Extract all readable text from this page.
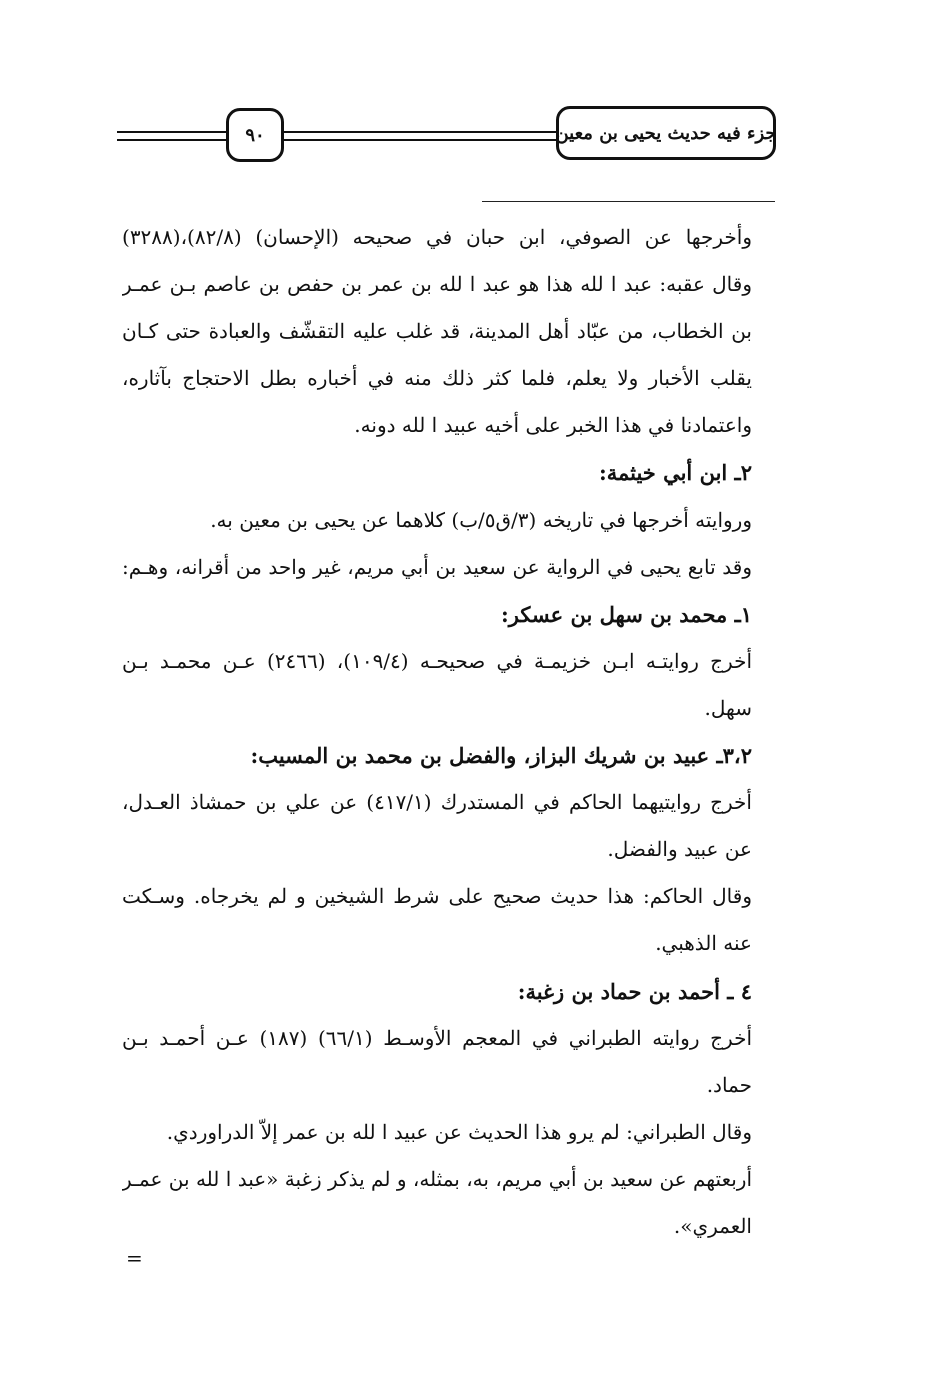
٩٠	جزء فيه حديث يحيى بن معين
وأخرجها عن الصوفي، ابن حبان في صحيحه (الإحسان) (٨٢/٨)،(٣٢٨٨)
وقال عقبه: عبد ا لله هذا هو عبد ا لله بن عمر بن حفص بن عاصم بـن عمـر
بن الخطاب، من عبّاد أهل المدينة، قد غلب عليه التقشّف والعبادة حتى كـان
يقلب الأخبار ولا يعلم، فلما كثر ذلك منه في أخباره بطل الاحتجاج بآثاره،
واعتمادنا في هذا الخبر على أخيه عبيد ا لله دونه.
٢ـ ابن أبي خيثمة:
وروايته أخرجها في تاريخه (٣/ق٥/ب) كلاهما عن يحيى بن معين به.
وقد تابع يحيى في الرواية عن سعيد بن أبي مريم، غير واحد من أقرانه، وهـم:
١ـ محمد بن سهل بن عسكر:
أخرج روايتـه ابـن خزيمـة في صحيحـه (١٠٩/٤)، (٢٤٦٦) عـن محمـد بـن
سهل.
٣،٢ـ عبيد بن شريك البزاز، والفضل بن محمد بن المسيب:
أخرج روايتيهما الحاكم في المستدرك (٤١٧/١) عن علي بن حمشاذ العـدل،
عن عبيد والفضل.
وقال الحاكم: هذا حديث صحيح على شرط الشيخين و لم يخرجاه. وسـكت
عنه الذهبي.
٤ ـ أحمد بن حماد بن زغبة:
أخرج روايته الطبراني في المعجم الأوسـط (٦٦/١) (١٨٧) عـن أحمـد بـن
حماد.
وقال الطبراني: لم يرو هذا الحديث عن عبيد ا لله بن عمر إلاّ الدراوردي.
أربعتهم عن سعيد بن أبي مريم، به، بمثله، و لم يذكر زغبة «عبد ا لله بن عمـر
العمري».
=
